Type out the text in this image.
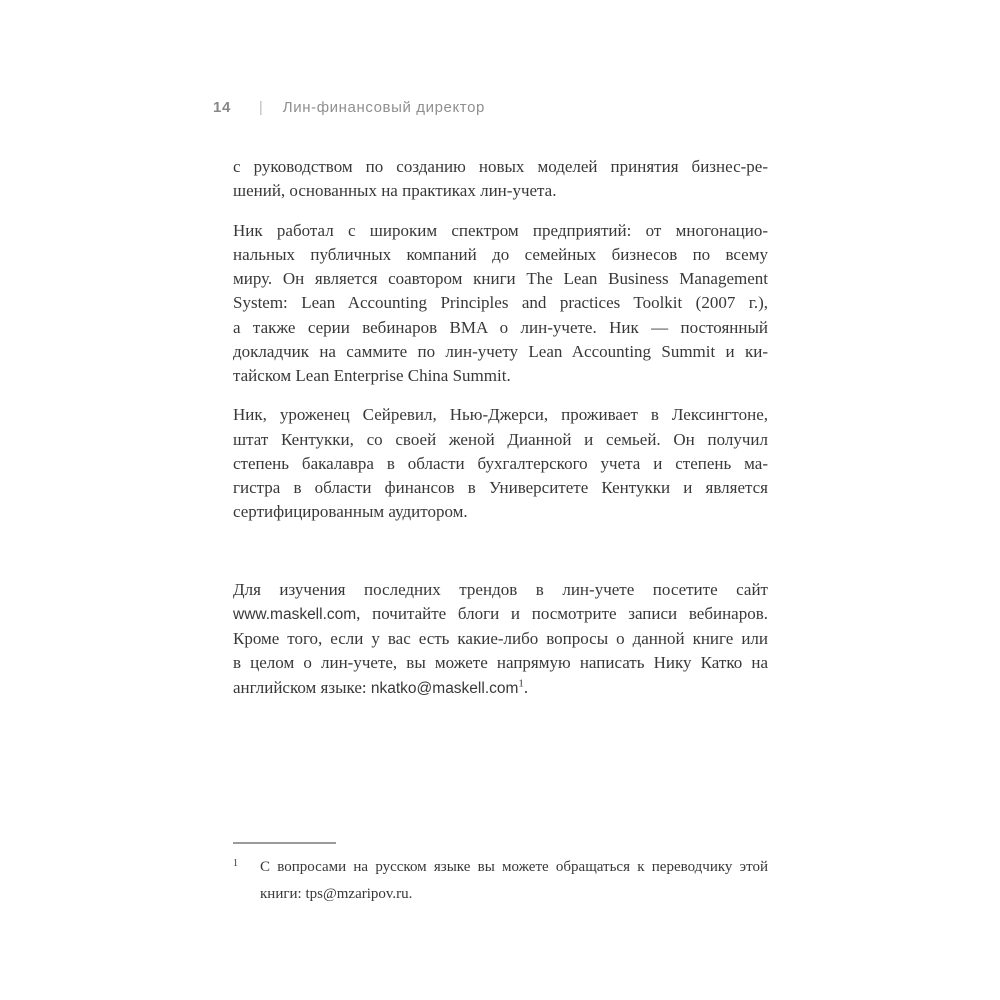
14 | Лин-финансовый директор
с руководством по созданию новых моделей принятия бизнес-ре-
шений, основанных на практиках лин-учета.
Ник работал с широким спектром предприятий: от многонацио-
нальных публичных компаний до семейных бизнесов по всему
миру. Он является соавтором книги The Lean Business Management
System: Lean Accounting Principles and practices Toolkit (2007 г.),
а также серии вебинаров BMA о лин-учете. Ник — постоянный
докладчик на саммите по лин-учету Lean Accounting Summit и ки-
тайском Lean Enterprise China Summit.
Ник, уроженец Сейревил, Нью-Джерси, проживает в Лексингтоне,
штат Кентукки, со своей женой Дианной и семьей. Он получил
степень бакалавра в области бухгалтерского учета и степень ма-
гистра в области финансов в Университете Кентукки и является
сертифицированным аудитором.
Для изучения последних трендов в лин-учете посетите сайт
www.maskell.com, почитайте блоги и посмотрите записи вебинаров.
Кроме того, если у вас есть какие-либо вопросы о данной книге или
в целом о лин-учете, вы можете напрямую написать Нику Катко на
английском языке: nkatko@maskell.com$^1$.
1	С вопросами на русском языке вы можете обращаться к переводчику этой
книги: tps@mzaripov.ru.
